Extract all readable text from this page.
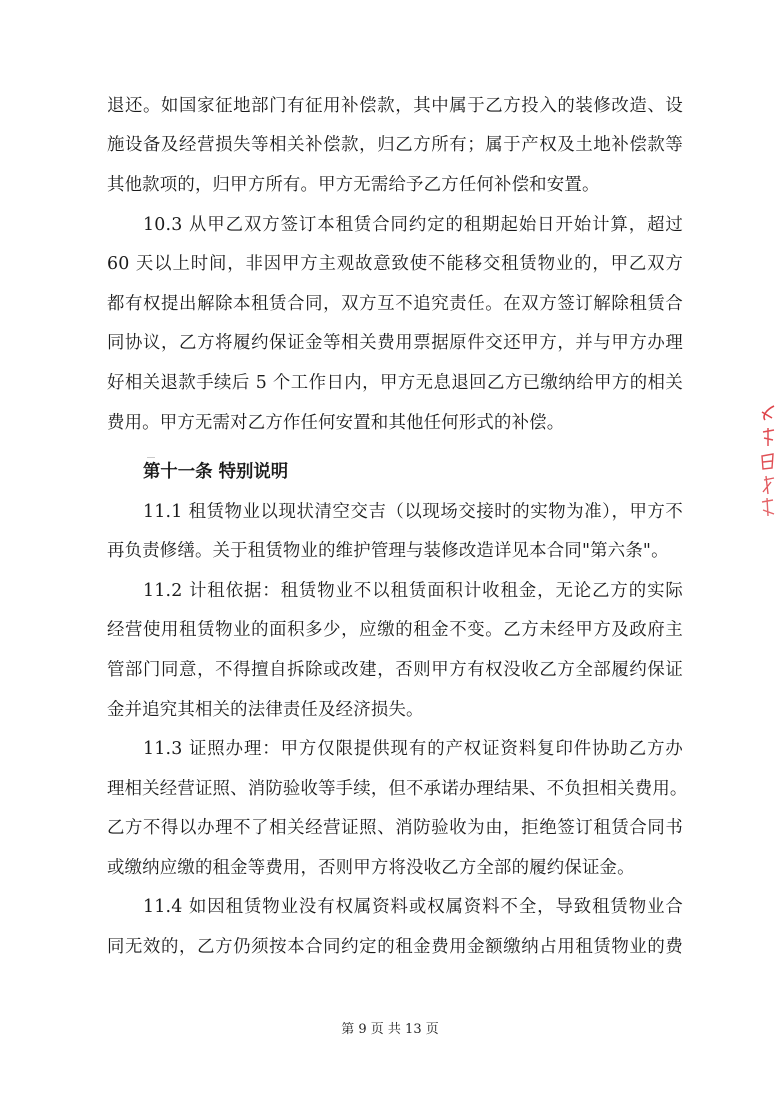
退还。如国家征地部门有征用补偿款，其中属于乙方投入的装修改造、设
施设备及经营损失等相关补偿款，归乙方所有；属于产权及土地补偿款等
其他款项的，归甲方所有。甲方无需给予乙方任何补偿和安置。
10.3 从甲乙双方签订本租赁合同约定的租期起始日开始计算，超过
60 天以上时间，非因甲方主观故意致使不能移交租赁物业的，甲乙双方
都有权提出解除本租赁合同，双方互不追究责任。在双方签订解除租赁合
同协议，乙方将履约保证金等相关费用票据原件交还甲方，并与甲方办理
好相关退款手续后 5 个工作日内，甲方无息退回乙方已缴纳给甲方的相关
费用。甲方无需对乙方作任何安置和其他任何形式的补偿。
第十一条 特别说明
11.1 租赁物业以现状清空交吉（以现场交接时的实物为准），甲方不
再负责修缮。关于租赁物业的维护管理与装修改造详见本合同"第六条"。
11.2 计租依据：租赁物业不以租赁面积计收租金，无论乙方的实际
经营使用租赁物业的面积多少，应缴的租金不变。乙方未经甲方及政府主
管部门同意，不得擅自拆除或改建，否则甲方有权没收乙方全部履约保证
金并追究其相关的法律责任及经济损失。
11.3 证照办理：甲方仅限提供现有的产权证资料复印件协助乙方办
理相关经营证照、消防验收等手续，但不承诺办理结果、不负担相关费用。
乙方不得以办理不了相关经营证照、消防验收为由，拒绝签订租赁合同书
或缴纳应缴的租金等费用，否则甲方将没收乙方全部的履约保证金。
11.4 如因租赁物业没有权属资料或权属资料不全，导致租赁物业合
同无效的，乙方仍须按本合同约定的租金费用金额缴纳占用租赁物业的费
第 9 页 共 13 页
